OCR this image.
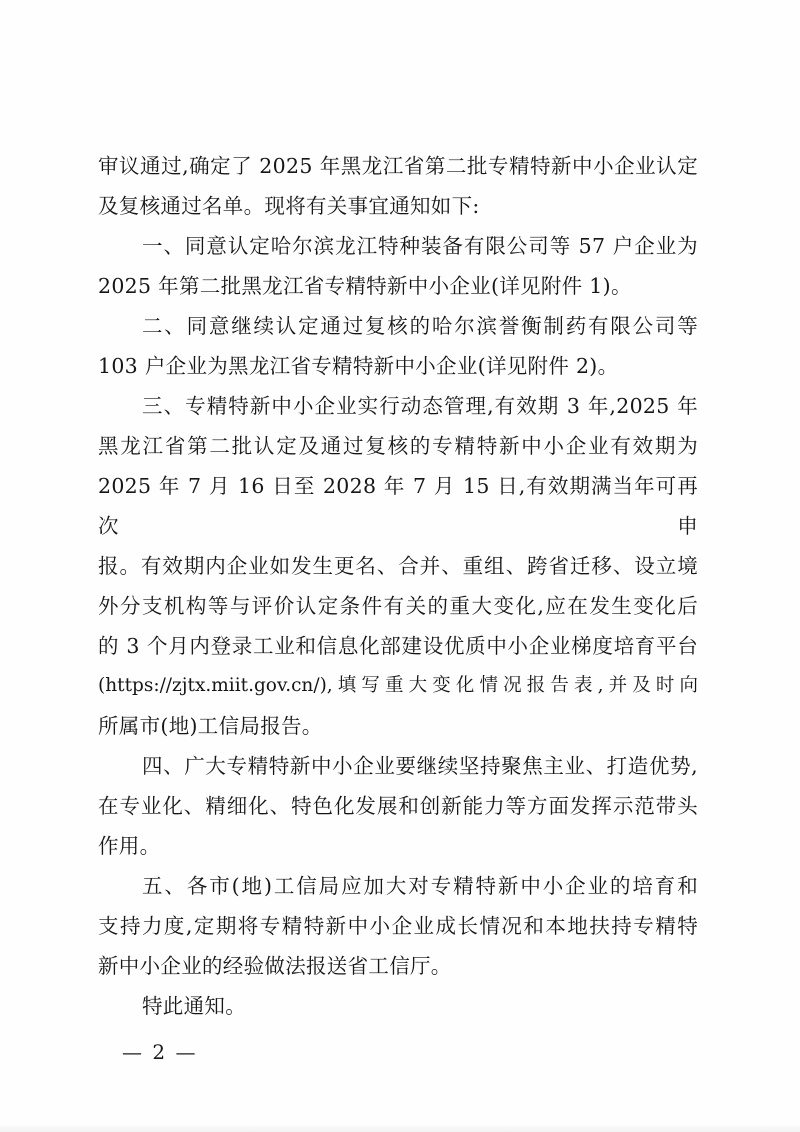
审议通过,确定了 2025 年黑龙江省第二批专精特新中小企业认定

及复核通过名单。现将有关事宜通知如下:

一、同意认定哈尔滨龙江特种装备有限公司等 57 户企业为

2025 年第二批黑龙江省专精特新中小企业(详见附件 1)。

二、同意继续认定通过复核的哈尔滨誉衡制药有限公司等

103 户企业为黑龙江省专精特新中小企业(详见附件 2)。

三、专精特新中小企业实行动态管理,有效期 3 年,2025 年

黑龙江省第二批认定及通过复核的专精特新中小企业有效期为

2025 年 7 月 16 日至 2028 年 7 月 15 日,有效期满当年可再次申

报。有效期内企业如发生更名、合并、重组、跨省迁移、设立境

外分支机构等与评价认定条件有关的重大变化,应在发生变化后

的 3 个月内登录工业和信息化部建设优质中小企业梯度培育平台

(https://zjtx.miit.gov.cn/),填写重大变化情况报告表,并及时向

所属市(地)工信局报告。

四、广大专精特新中小企业要继续坚持聚焦主业、打造优势,

在专业化、精细化、特色化发展和创新能力等方面发挥示范带头

作用。

五、各市(地)工信局应加大对专精特新中小企业的培育和

支持力度,定期将专精特新中小企业成长情况和本地扶持专精特

新中小企业的经验做法报送省工信厅。

特此通知。

— 2 —
